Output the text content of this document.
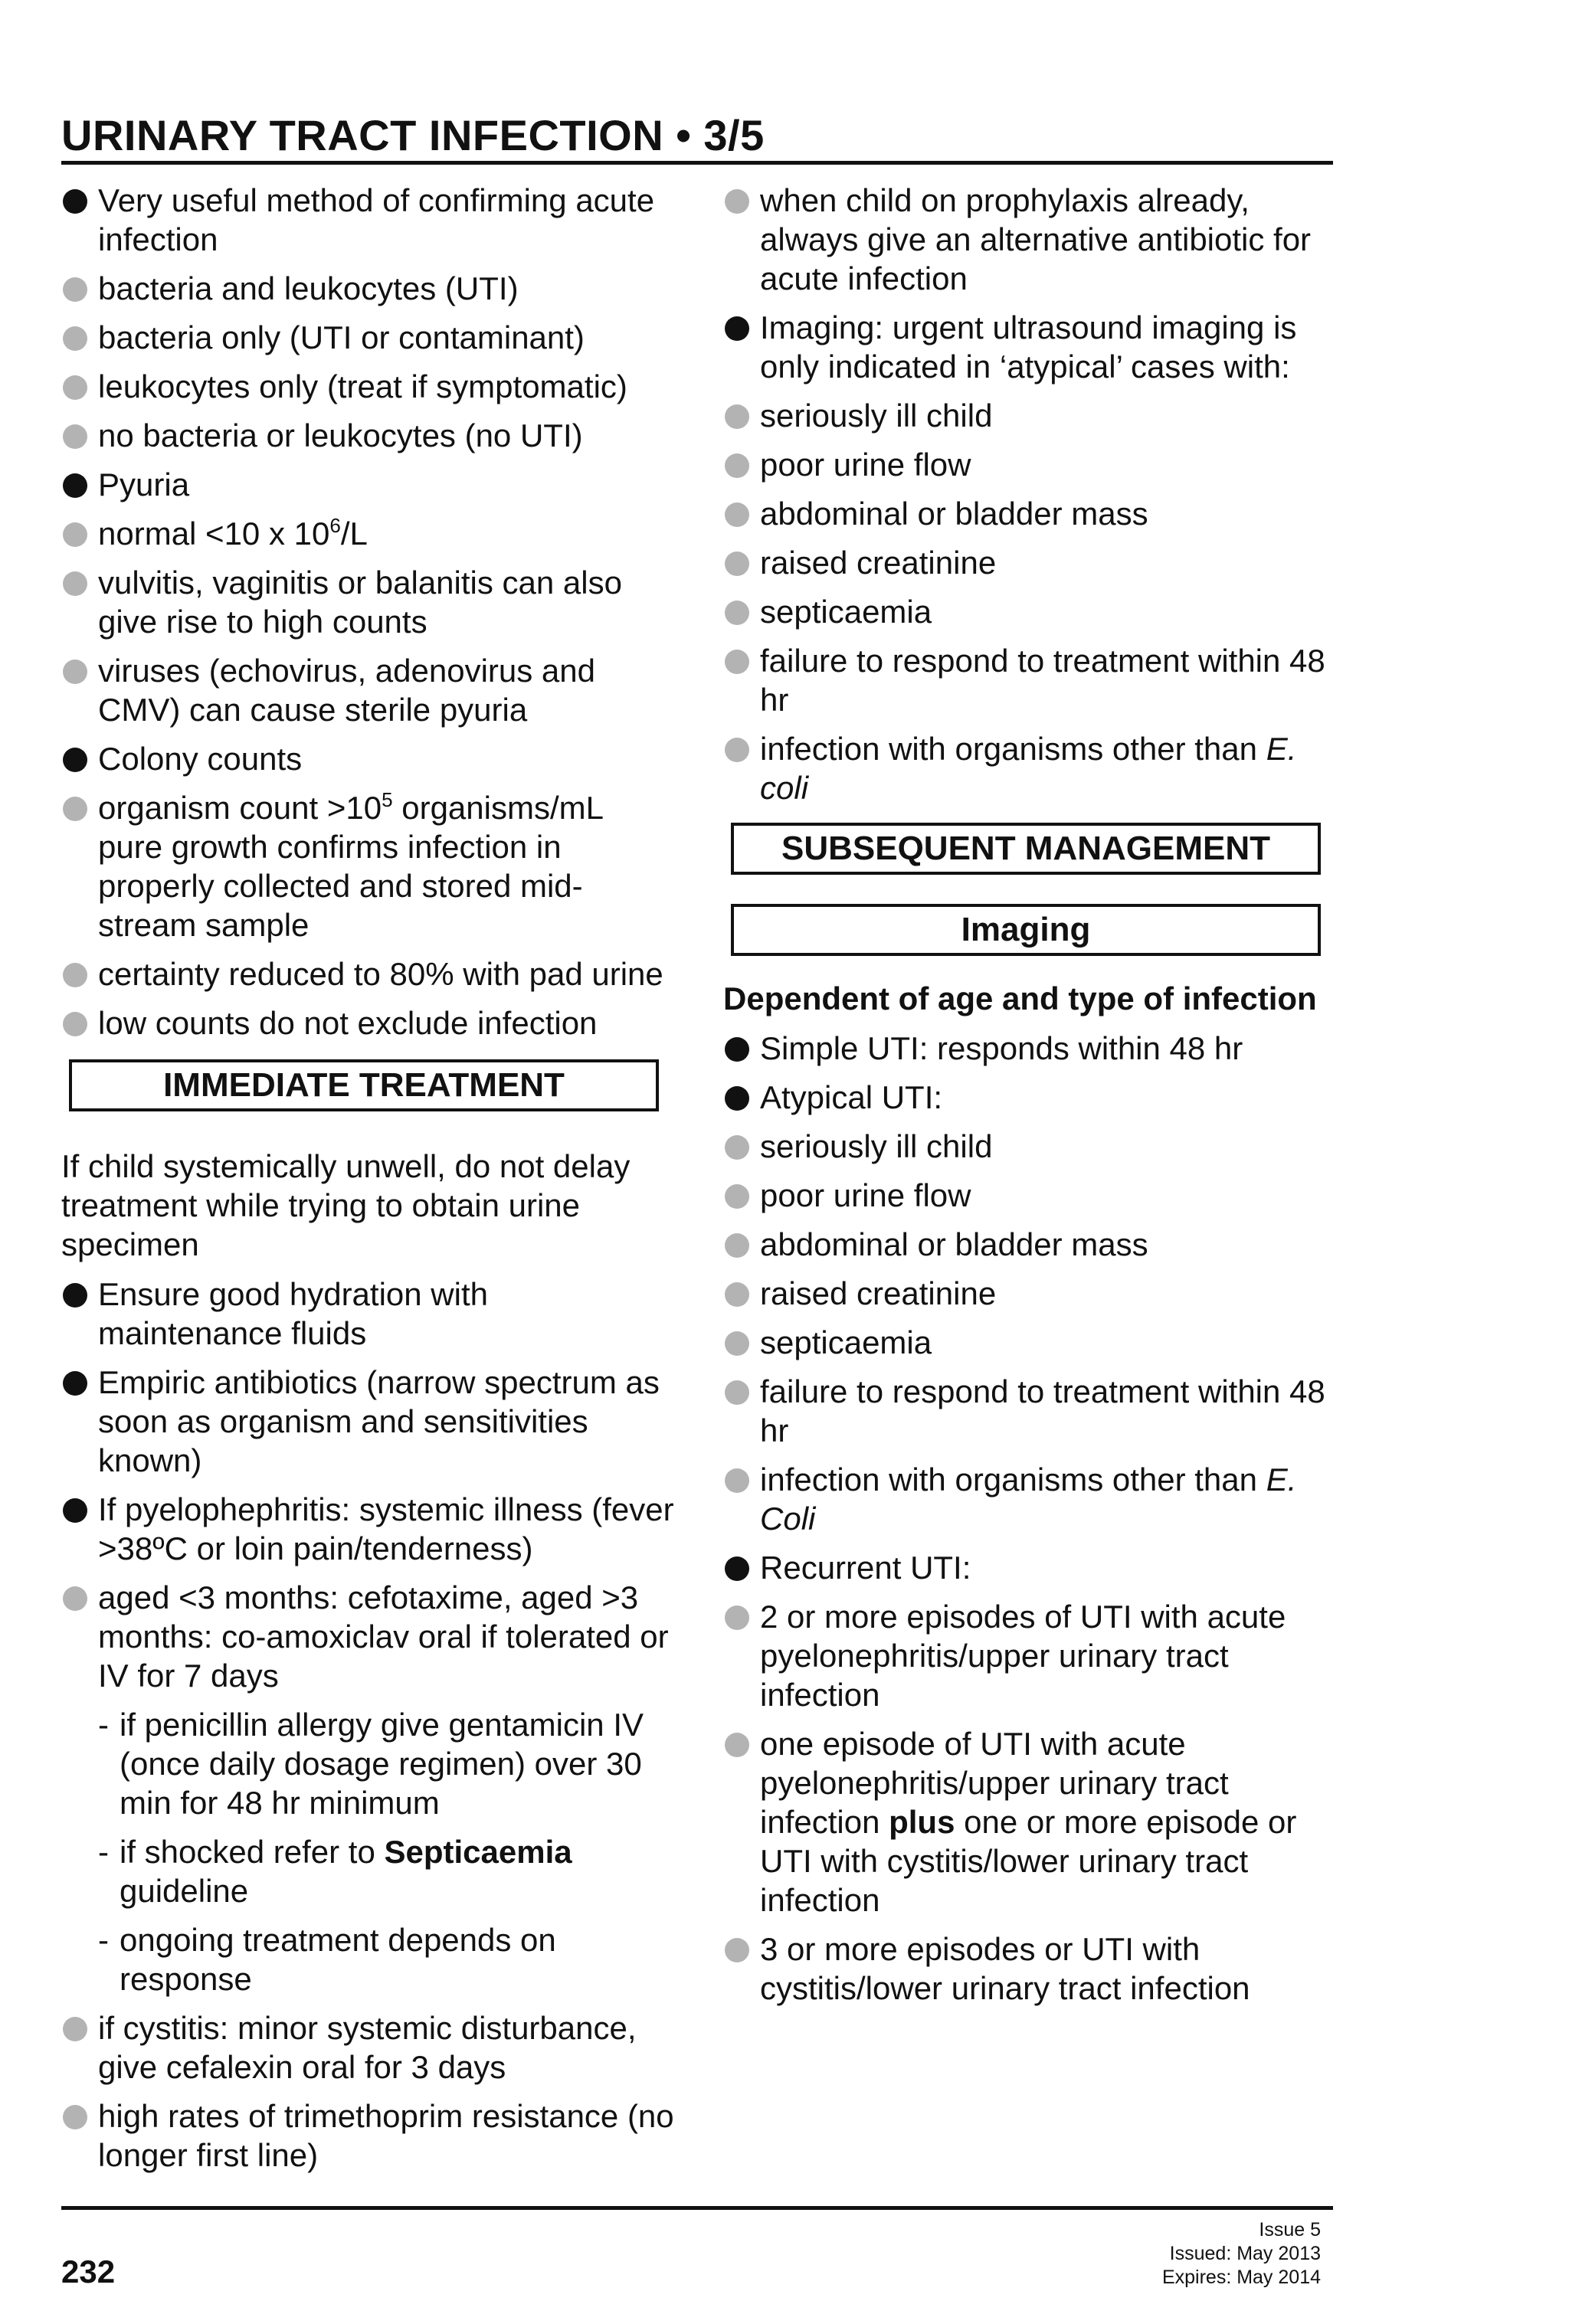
URINARY TRACT INFECTION • 3/5
Very useful method of confirming acute infection
bacteria and leukocytes (UTI)
bacteria only (UTI or contaminant)
leukocytes only (treat if symptomatic)
no bacteria or leukocytes (no UTI)
Pyuria
normal <10 x $10^6/L$
vulvitis, vaginitis or balanitis can also give rise to high counts
viruses (echovirus, adenovirus and CMV) can cause sterile pyuria
Colony counts
organism count $>10^5$ organisms/mL pure growth confirms infection in properly collected and stored mid-stream sample
certainty reduced to 80% with pad urine
low counts do not exclude infection
IMMEDIATE TREATMENT
If child systemically unwell, do not delay treatment while trying to obtain urine specimen
Ensure good hydration with maintenance fluids
Empiric antibiotics (narrow spectrum as soon as organism and sensitivities known)
If pyelophephritis: systemic illness (fever >38ºC or loin pain/tenderness)
aged <3 months: cefotaxime, aged >3 months: co-amoxiclav oral if tolerated or IV for 7 days
- if penicillin allergy give gentamicin IV (once daily dosage regimen) over 30 min for 48 hr minimum
- if shocked refer to Septicaemia guideline
- ongoing treatment depends on response
if cystitis: minor systemic disturbance, give cefalexin oral for 3 days
high rates of trimethoprim resistance (no longer first line)
when child on prophylaxis already, always give an alternative antibiotic for acute infection
Imaging: urgent ultrasound imaging is only indicated in ‘atypical’ cases with:
seriously ill child
poor urine flow
abdominal or bladder mass
raised creatinine
septicaemia
failure to respond to treatment within 48 hr
infection with organisms other than E. coli
SUBSEQUENT MANAGEMENT
Imaging
Dependent of age and type of infection
Simple UTI: responds within 48 hr
Atypical UTI:
seriously ill child
poor urine flow
abdominal or bladder mass
raised creatinine
septicaemia
failure to respond to treatment within 48 hr
infection with organisms other than E. Coli
Recurrent UTI:
2 or more episodes of UTI with acute pyelonephritis/upper urinary tract infection
one episode of UTI with acute pyelonephritis/upper urinary tract infection plus one or more episode or UTI with cystitis/lower urinary tract infection
3 or more episodes or UTI with cystitis/lower urinary tract infection
232
Issue 5
Issued: May 2013
Expires: May 2014
